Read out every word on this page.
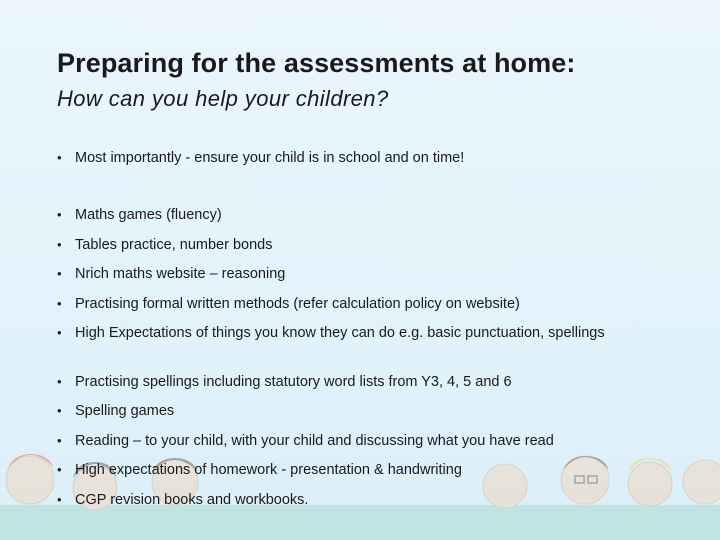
Preparing for the assessments at home:
How can you help your children?
• Most importantly - ensure your child is in school and on time!
• Maths games (fluency)
• Tables practice, number bonds
• Nrich maths website – reasoning
• Practising formal written methods (refer calculation policy on website)
• High Expectations of things you know they can do e.g. basic punctuation, spellings
• Practising spellings including statutory word lists from Y3, 4, 5 and 6
• Spelling games
• Reading – to your child, with your child and discussing what you have read
• High expectations of homework - presentation & handwriting
• CGP revision books and workbooks.
